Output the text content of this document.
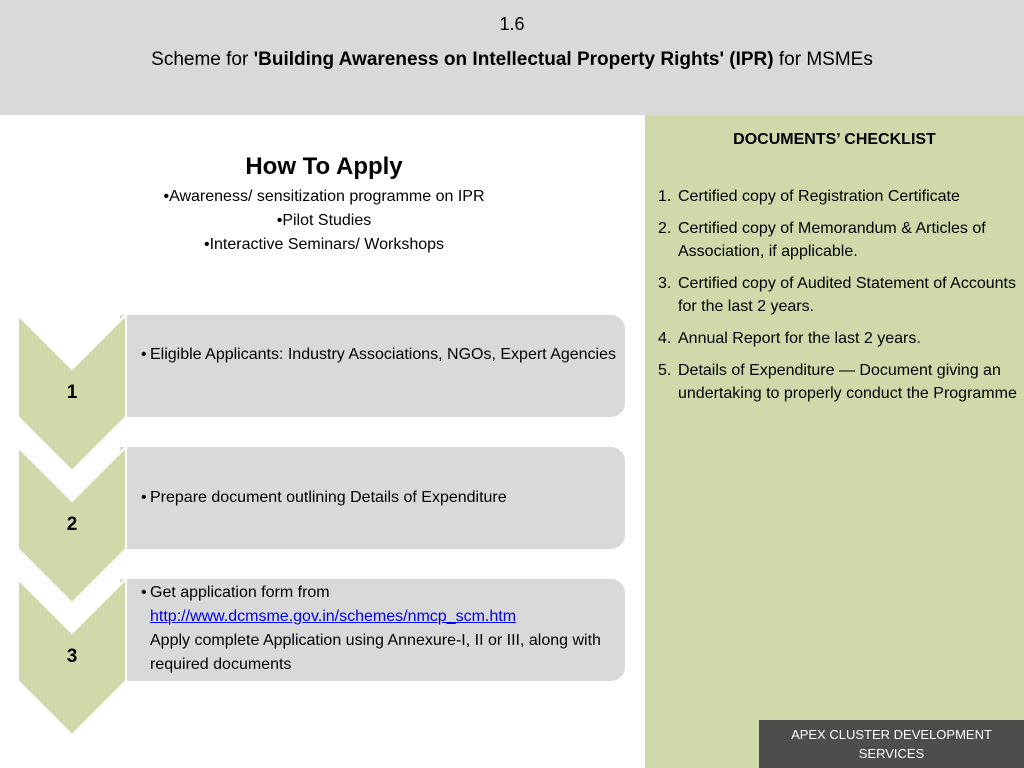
1.6
Scheme for 'Building Awareness on Intellectual Property Rights' (IPR) for MSMEs
How To Apply
•Awareness/ sensitization programme on IPR
•Pilot Studies
•Interactive Seminars/ Workshops
1
• Eligible Applicants: Industry Associations, NGOs, Expert Agencies
2
• Prepare document outlining Details of Expenditure
3
• Get application form from
http://www.dcmsme.gov.in/schemes/nmcp_scm.htm
Apply complete Application using Annexure-I, II or III, along with required documents
DOCUMENTS’ CHECKLIST
1. Certified copy of Registration Certificate
2. Certified copy of Memorandum & Articles of Association, if applicable.
3. Certified copy of Audited Statement of Accounts for the last 2 years.
4. Annual Report for the last 2 years.
5. Details of Expenditure — Document giving an undertaking to properly conduct the Programme
APEX CLUSTER DEVELOPMENT SERVICES
